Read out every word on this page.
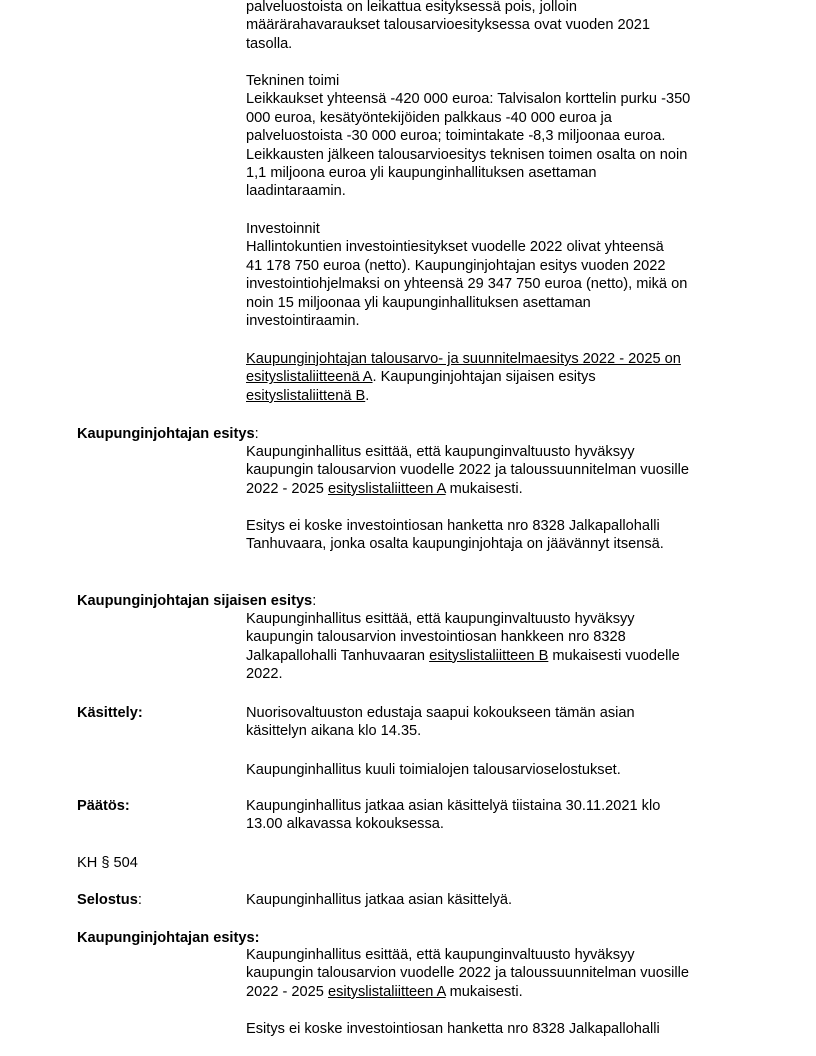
palveluostoista on leikattua esityksessä pois, jolloin
määrärahavaraukset talousarvioesityksessa ovat vuoden 2021
tasolla.
Tekninen toimi
Leikkaukset yhteensä -420 000 euroa: Talvisalon korttelin purku -350
000 euroa, kesätyöntekijöiden palkkaus -40 000 euroa ja
palveluostoista -30 000 euroa; toimintakate -8,3 miljoonaa euroa.
Leikkausten jälkeen talousarvioesitys teknisen toimen osalta on noin
1,1 miljoona euroa yli kaupunginhallituksen asettaman
laadintaraamin.
Investoinnit
Hallintokuntien investointiesitykset vuodelle 2022 olivat yhteensä
41 178 750 euroa (netto). Kaupunginjohtajan esitys vuoden 2022
investointiohjelmaksi on yhteensä 29 347 750 euroa (netto), mikä on
noin 15 miljoonaa yli kaupunginhallituksen asettaman
investointiraamin.
Kaupunginjohtajan talousarvo- ja suunnitelmaesitys 2022 - 2025 on
esityslistaliitteenä A. Kaupunginjohtajan sijaisen esitys
esityslistaliittenä B.
Kaupunginjohtajan esitys:
Kaupunginhallitus esittää, että kaupunginvaltuusto hyväksyy
kaupungin talousarvion vuodelle 2022 ja taloussuunnitelman vuosille
2022 - 2025 esityslistaliitteen A mukaisesti.
Esitys ei koske investointiosan hanketta nro 8328 Jalkapallohalli
Tanhuvaara, jonka osalta kaupunginjohtaja on jäävännyt itsensä.
Kaupunginjohtajan sijaisen esitys:
Kaupunginhallitus esittää, että kaupunginvaltuusto hyväksyy
kaupungin talousarvion investointiosan hankkeen nro 8328
Jalkapallohalli Tanhuvaaran esityslistaliitteen B mukaisesti vuodelle
2022.
Käsittely:	Nuorisovaltuuston edustaja saapui kokoukseen tämän asian
käsittelyn aikana klo 14.35.
Kaupunginhallitus kuuli toimialojen talousarvioselostukset.
Päätös:	Kaupunginhallitus jatkaa asian käsittelyä tiistaina 30.11.2021 klo
13.00 alkavassa kokouksessa.
KH § 504
Selostus:	Kaupunginhallitus jatkaa asian käsittelyä.
Kaupunginjohtajan esitys:
Kaupunginhallitus esittää, että kaupunginvaltuusto hyväksyy
kaupungin talousarvion vuodelle 2022 ja taloussuunnitelman vuosille
2022 - 2025 esityslistaliitteen A mukaisesti.
Esitys ei koske investointiosan hanketta nro 8328 Jalkapallohalli
